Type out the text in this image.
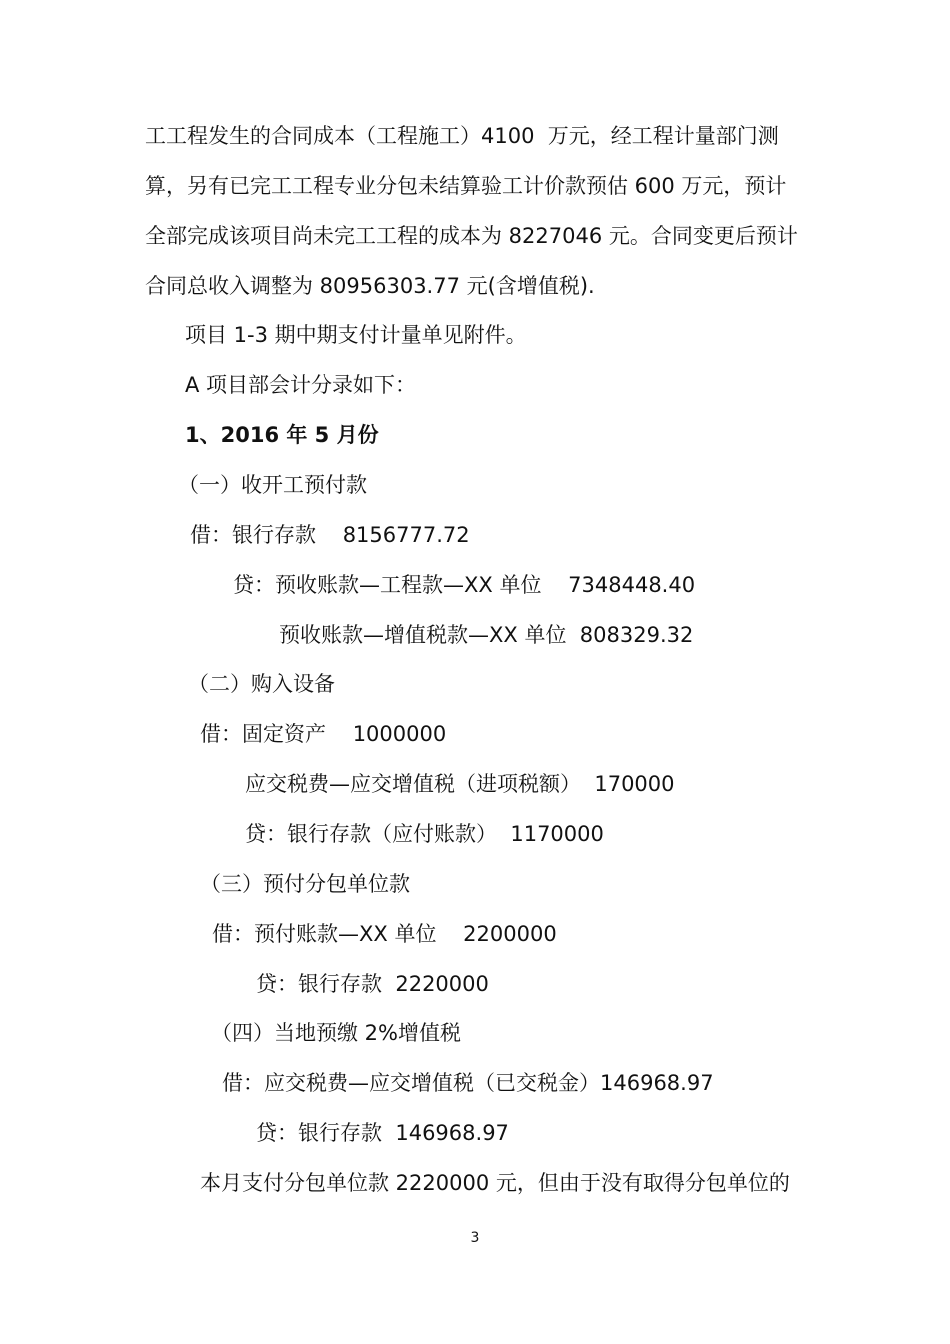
工工程发生的合同成本（工程施工）4100  万元，经工程计量部门测
算，另有已完工工程专业分包未结算验工计价款预估 600 万元，预计
全部完成该项目尚未完工工程的成本为 8227046 元。合同变更后预计
合同总收入调整为 80956303.77 元(含增值税).
项目 1-3 期中期支付计量单见附件。
A 项目部会计分录如下：
1、2016 年 5 月份
（一）收开工预付款
借：银行存款    8156777.72
贷：预收账款—工程款—XX 单位    7348448.40
预收账款—增值税款—XX 单位  808329.32
（二）购入设备
借：固定资产    1000000
应交税费—应交增值税（进项税额）  170000
贷：银行存款（应付账款）  1170000
（三）预付分包单位款
借：预付账款—XX 单位    2200000
贷：银行存款  2220000
（四）当地预缴 2%增值税
借：应交税费—应交增值税（已交税金）146968.97
贷：银行存款  146968.97
本月支付分包单位款 2220000 元，但由于没有取得分包单位的
3
